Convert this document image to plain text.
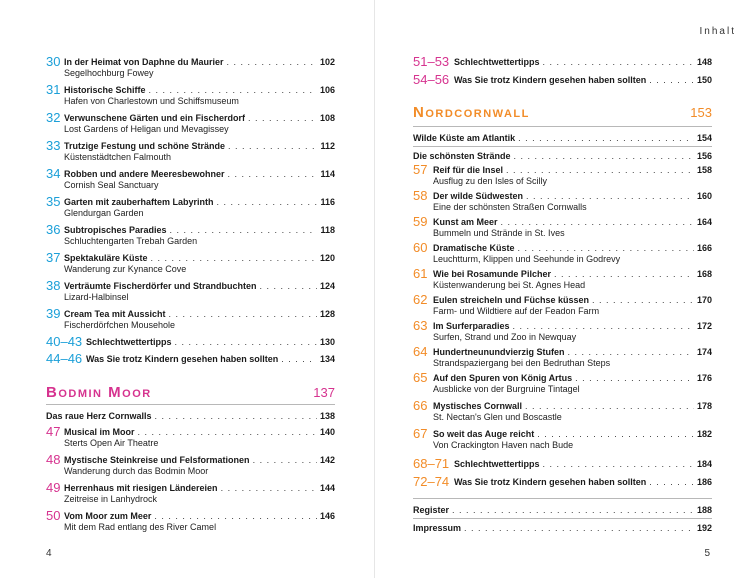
30 In der Heimat von Daphne du Maurier . . .	102
Segelhochburg Fowey
31 Historische Schiffe . . .	106
Hafen von Charlestown und Schiffsmuseum
32 Verwunschene Gärten und ein Fischerdorf . . .	108
Lost Gardens of Heligan und Mevagissey
33 Trutzige Festung und schöne Strände . . .	112
Küstenstädtchen Falmouth
34 Robben und andere Meeresbewohner . . .	114
Cornish Seal Sanctuary
35 Garten mit zauberhaftem Labyrinth . . .	116
Glendurgan Garden
36 Subtropisches Paradies . . .	118
Schluchtengarten Trebah Garden
37 Spektakuläre Küste . . .	120
Wanderung zur Kynance Cove
38 Verträumte Fischerdörfer und Strandbuchten . . .	124
Lizard-Halbinsel
39 Cream Tea mit Aussicht . . .	128
Fischerdörfchen Mousehole
40–43 Schlechtwettertipps . . .	130
44–46 Was Sie trotz Kindern gesehen haben sollten . . .	134
Bodmin Moor	137
Das raue Herz Cornwalls . . .	138
47 Musical im Moor . . .	140
Sterts Open Air Theatre
48 Mystische Steinkreise und Felsformationen . . .	142
Wanderung durch das Bodmin Moor
49 Herrenhaus mit riesigen Ländereien . . .	144
Zeitreise in Lanhydrock
50 Vom Moor zum Meer . . .	146
Mit dem Rad entlang des River Camel
4
Inhalt
51–53 Schlechtwettertipps . . .	148
54–56 Was Sie trotz Kindern gesehen haben sollten . . .	150
Nordcornwall	153
Wilde Küste am Atlantik . . .	154
Die schönsten Strände . . .	156
57 Reif für die Insel . . .	158
Ausflug zu den Isles of Scilly
58 Der wilde Südwesten . . .	160
Eine der schönsten Straßen Cornwalls
59 Kunst am Meer . . .	164
Bummeln und Strände in St. Ives
60 Dramatische Küste . . .	166
Leuchtturm, Klippen und Seehunde in Godrevy
61 Wie bei Rosamunde Pilcher . . .	168
Küstenwanderung bei St. Agnes Head
62 Eulen streicheln und Füchse küssen . . .	170
Farm- und Wildtiere auf der Feadon Farm
63 Im Surferparadies . . .	172
Surfen, Strand und Zoo in Newquay
64 Hundertneunundvierzig Stufen . . .	174
Strandspaziergang bei den Bedruthan Steps
65 Auf den Spuren von König Artus . . .	176
Ausblicke von der Burgruine Tintagel
66 Mystisches Cornwall . . .	178
St. Nectan's Glen und Boscastle
67 So weit das Auge reicht . . .	182
Von Crackington Haven nach Bude
68–71 Schlechtwettertipps . . .	184
72–74 Was Sie trotz Kindern gesehen haben sollten . . .	186
Register . . .	188
Impressum . . .	192
5
